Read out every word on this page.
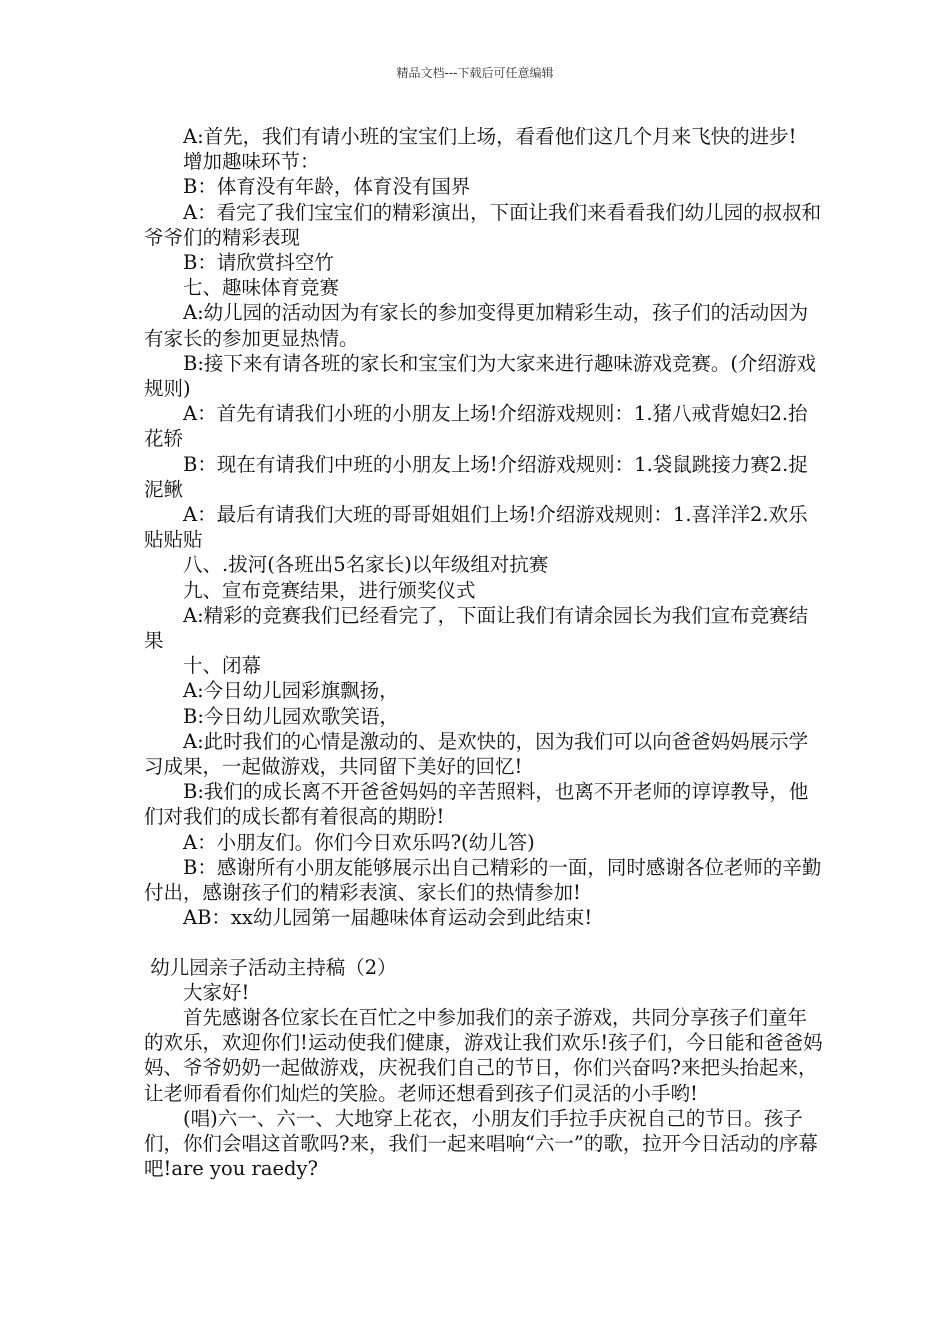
精品文档---下载后可任意编辑

　　A:首先，我们有请小班的宝宝们上场，看看他们这几个月来飞快的进步!

　　增加趣味环节：

　　B：体育没有年龄，体育没有国界

　　A：看完了我们宝宝们的精彩演出，下面让我们来看看我们幼儿园的叔叔和爷爷们的精彩表现

　　B：请欣赏抖空竹

　　七、趣味体育竞赛

　　A:幼儿园的活动因为有家长的参加变得更加精彩生动，孩子们的活动因为有家长的参加更显热情。

　　B:接下来有请各班的家长和宝宝们为大家来进行趣味游戏竞赛。(介绍游戏规则)

　　A：首先有请我们小班的小朋友上场!介绍游戏规则：1.猪八戒背媳妇2.抬花轿

　　B：现在有请我们中班的小朋友上场!介绍游戏规则：1.袋鼠跳接力赛2.捉泥鳅

　　A：最后有请我们大班的哥哥姐姐们上场!介绍游戏规则：1.喜洋洋2.欢乐贴贴贴

　　八、.拔河(各班出5名家长)以年级组对抗赛

　　九、宣布竞赛结果，进行颁奖仪式

　　A:精彩的竞赛我们已经看完了，下面让我们有请余园长为我们宣布竞赛结果

　　十、闭幕

　　A:今日幼儿园彩旗飘扬，

　　B:今日幼儿园欢歌笑语，

　　A:此时我们的心情是激动的、是欢快的，因为我们可以向爸爸妈妈展示学习成果，一起做游戏，共同留下美好的回忆!

　　B:我们的成长离不开爸爸妈妈的辛苦照料，也离不开老师的谆谆教导，他们对我们的成长都有着很高的期盼!

　　A：小朋友们。你们今日欢乐吗?(幼儿答)

　　B：感谢所有小朋友能够展示出自己精彩的一面，同时感谢各位老师的辛勤付出，感谢孩子们的精彩表演、家长们的热情参加!

　　AB：xx幼儿园第一届趣味体育运动会到此结束!

幼儿园亲子活动主持稿（2）

　　大家好!

　　首先感谢各位家长在百忙之中参加我们的亲子游戏，共同分享孩子们童年的欢乐，欢迎你们!运动使我们健康，游戏让我们欢乐!孩子们，今日能和爸爸妈妈、爷爷奶奶一起做游戏，庆祝我们自己的节日，你们兴奋吗?来把头抬起来，让老师看看你们灿烂的笑脸。老师还想看到孩子们灵活的小手哟!

　　(唱)六一、六一、大地穿上花衣，小朋友们手拉手庆祝自己的节日。孩子们，你们会唱这首歌吗?来，我们一起来唱响“六一”的歌，拉开今日活动的序幕吧!are you raedy?
